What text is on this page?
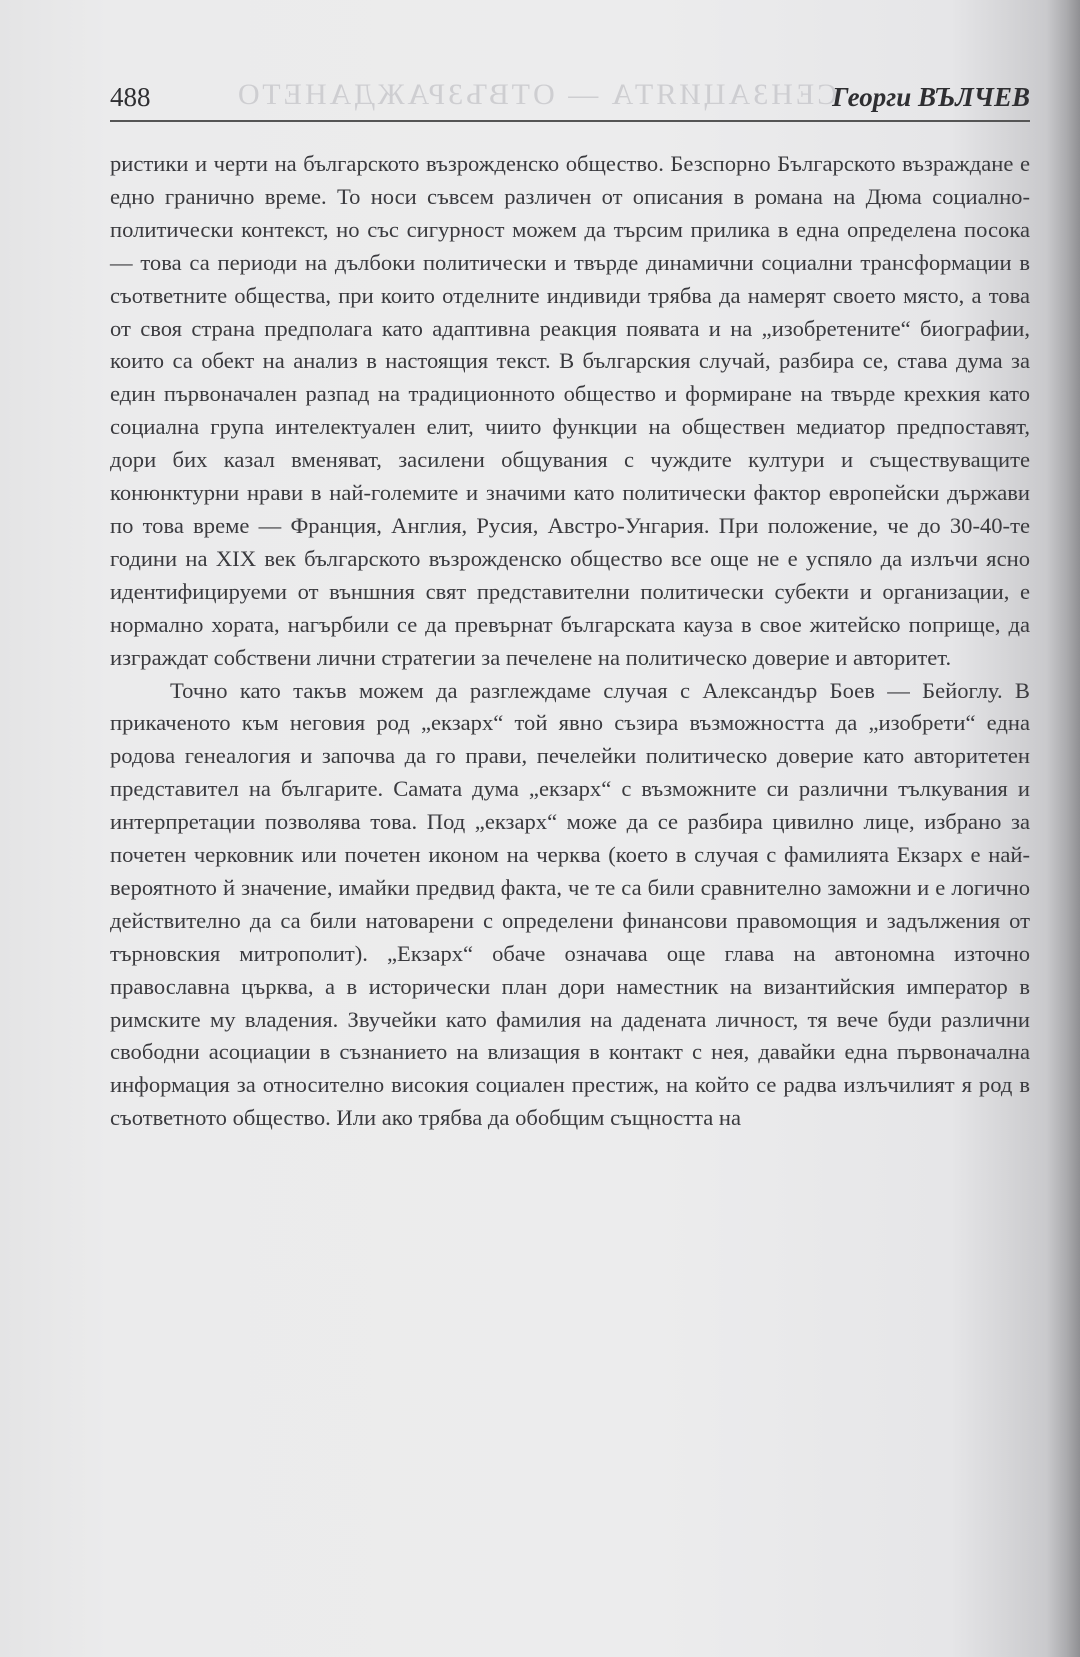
СЕНЗАЦИЯТА — ОТВЪЗРАЖДАНЕТО
488	Георги ВЪЛЧЕВ

ристики и черти на българското възрожденско общество. Безспорно Българското възраждане е едно гранично време. То носи съвсем различен от описания в романа на Дюма социално-политически контекст, но със сигурност можем да търсим прилика в една определена посока — това са периоди на дълбоки политически и твърде динамични социални трансформации в съответните общества, при които отделните индивиди трябва да намерят своето място, а това от своя страна предполага като адаптивна реакция появата и на „изобретените“ биографии, които са обект на анализ в настоящия текст. В българския случай, разбира се, става дума за един първоначален разпад на традиционното общество и формиране на твърде крехкия като социална група интелектуален елит, чиито функции на обществен медиатор предпоставят, дори бих казал вменяват, засилени общувания с чуждите култури и съществуващите конюнктурни нрави в най-големите и значими като политически фактор европейски държави по това време — Франция, Англия, Русия, Австро-Унгария. При положение, че до 30-40-те години на XIX век българското възрожденско общество все още не е успяло да излъчи ясно идентифицируеми от външния свят представителни политически субекти и организации, е нормално хората, нагърбили се да превърнат българската кауза в свое житейско поприще, да изграждат собствени лични стратегии за печелене на политическо доверие и авторитет.

Точно като такъв можем да разглеждаме случая с Александър Боев — Бейоглу. В прикаченото към неговия род „екзарх“ той явно съзира възможността да „изобрети“ една родова генеалогия и започва да го прави, печелейки политическо доверие като авторитетен представител на българите. Самата дума „екзарх“ с възможните си различни тълкувания и интерпретации позволява това. Под „екзарх“ може да се разбира цивилно лице, избрано за почетен черковник или почетен иконом на черква (което в случая с фамилията Екзарх е най-вероятното й значение, имайки предвид факта, че те са били сравнително заможни и е логично действително да са били натоварени с определени финансови правомощия и задължения от търновския митрополит). „Екзарх“ обаче означава още глава на автономна източно православна църква, а в исторически план дори наместник на византийския император в римските му владения. Звучейки като фамилия на дадената личност, тя вече буди различни свободни асоциации в съзнанието на влизащия в контакт с нея, давайки една първоначална информация за относително високия социален престиж, на който се радва излъчилият я род в съответното общество. Или ако трябва да обобщим същността на
